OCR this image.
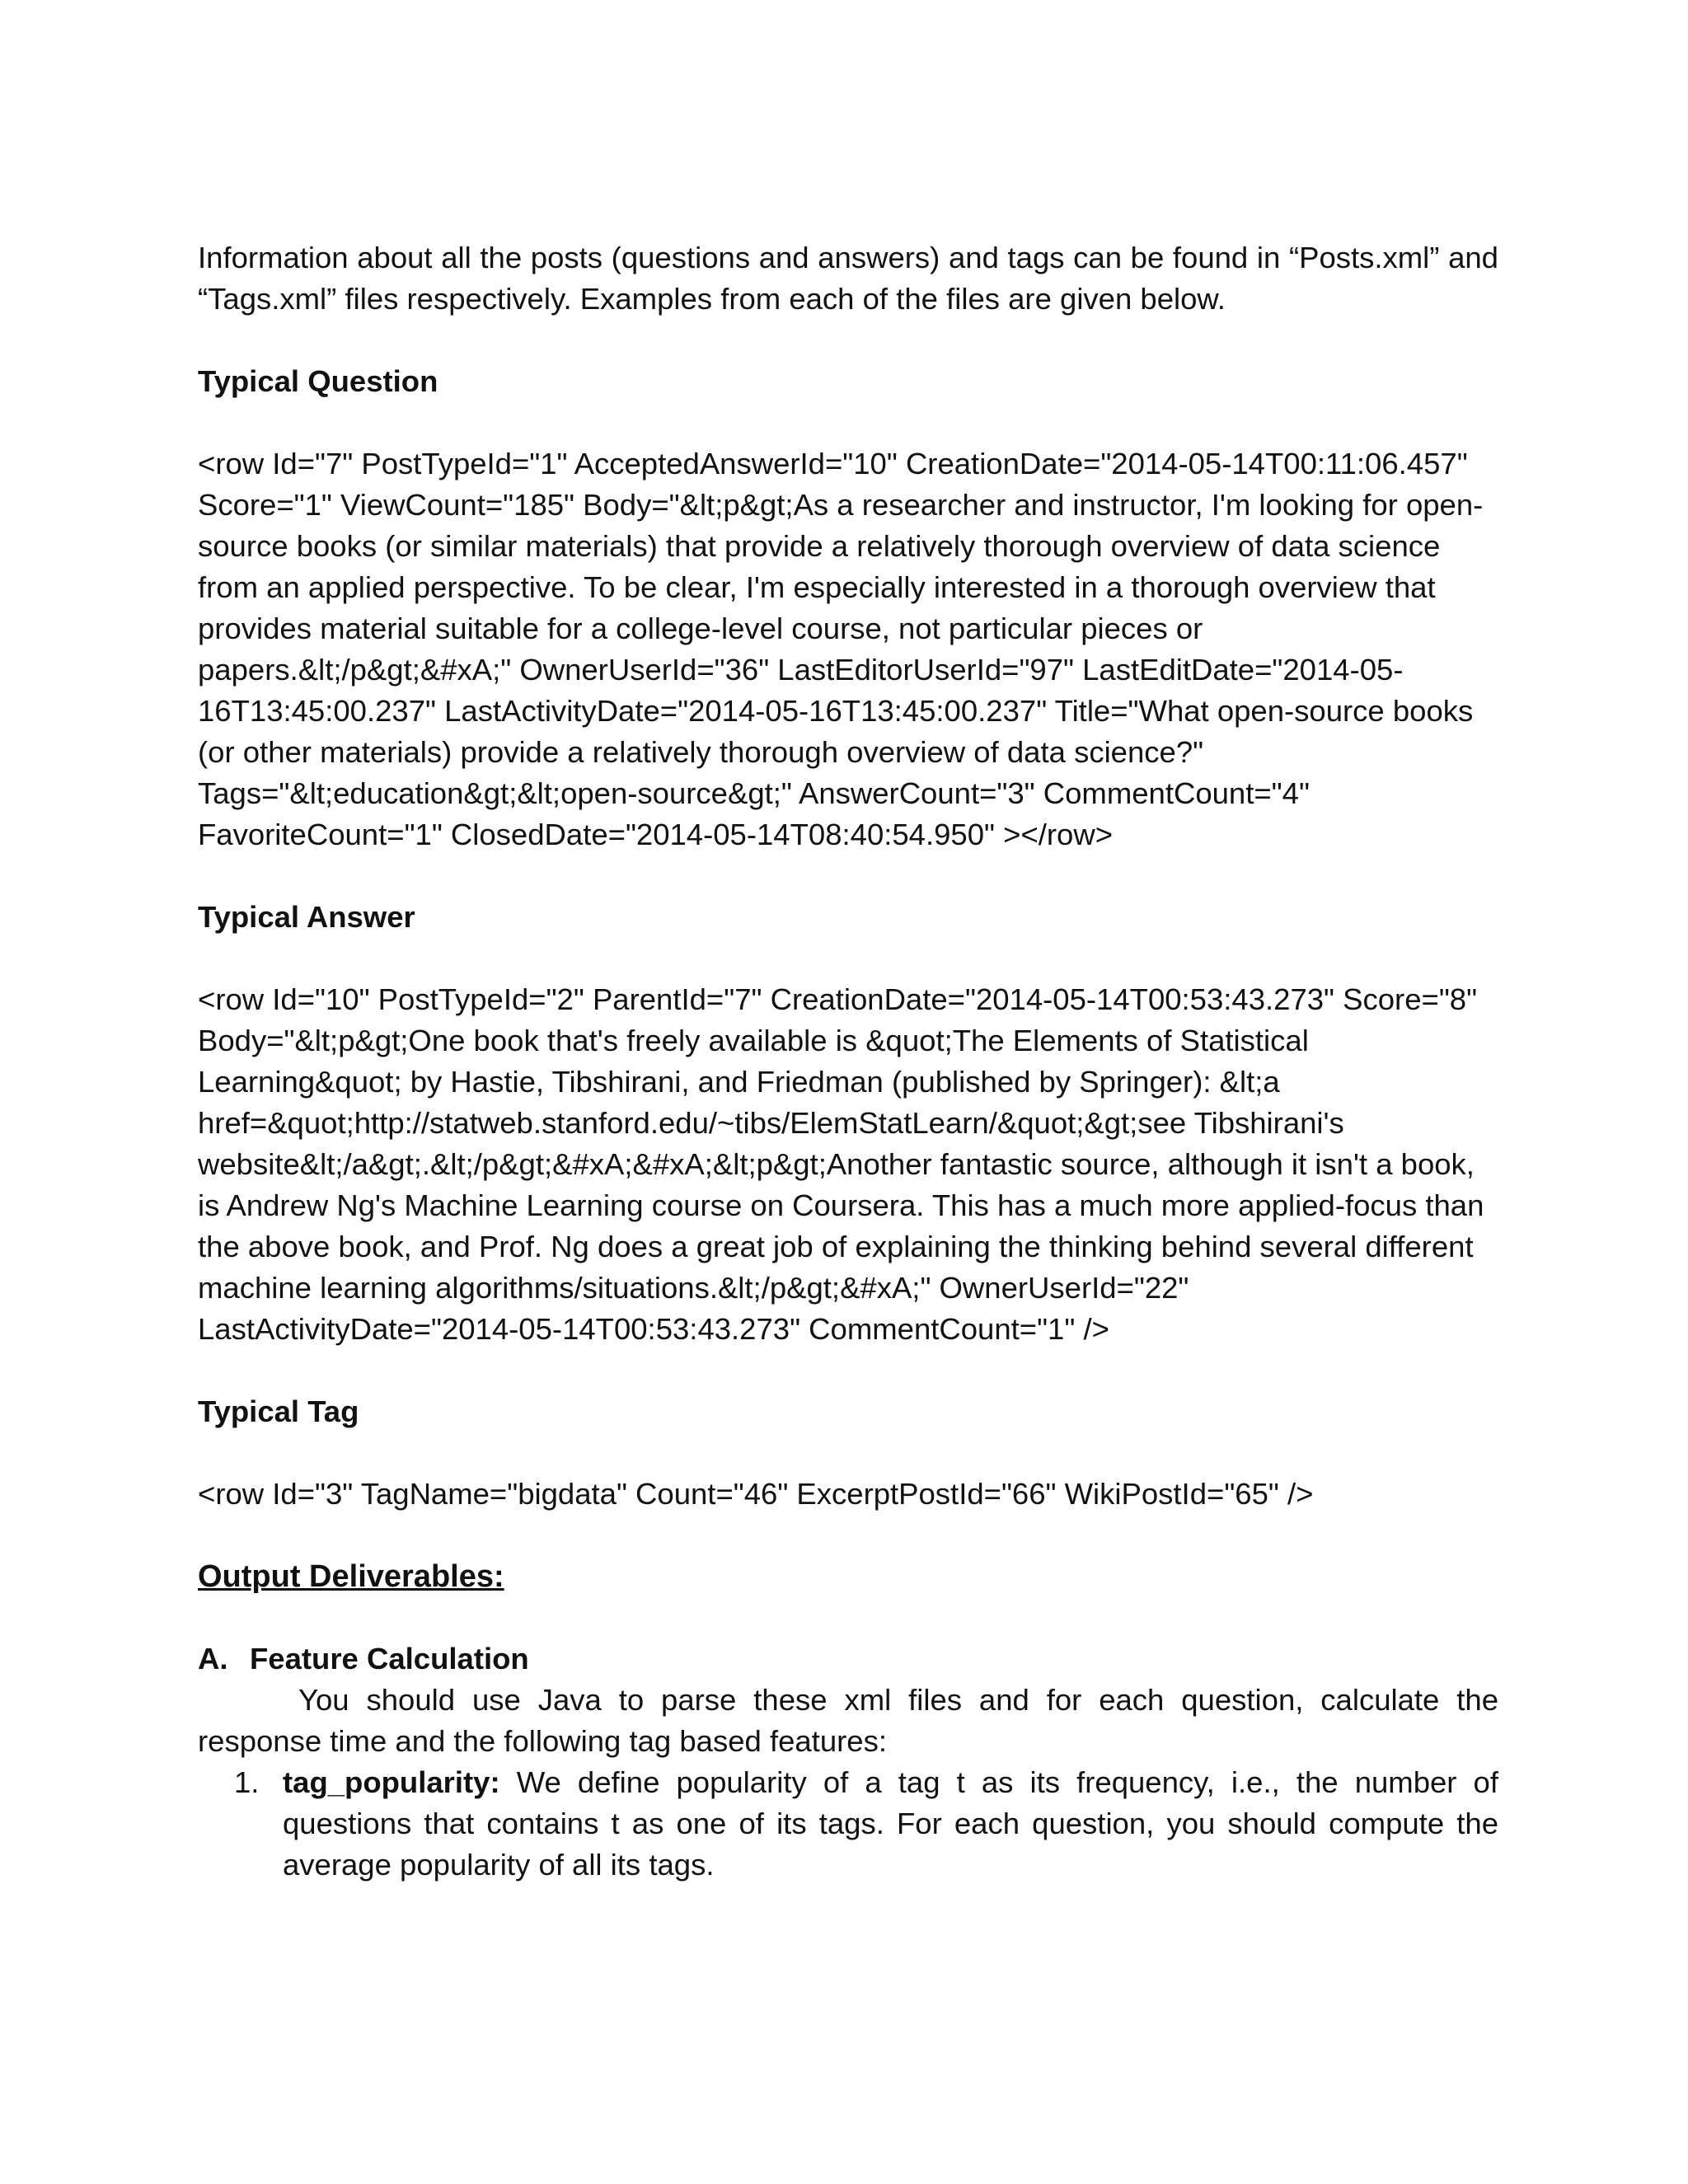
Information about all the posts (questions and answers) and tags can be found in “Posts.xml” and “Tags.xml” files respectively. Examples from each of the files are given below.

Typical Question

<row Id="7" PostTypeId="1" AcceptedAnswerId="10" CreationDate="2014-05-14T00:11:06.457" Score="1" ViewCount="185" Body="&lt;p&gt;As a researcher and instructor, I'm looking for open-source books (or similar materials) that provide a relatively thorough overview of data science from an applied perspective. To be clear, I'm especially interested in a thorough overview that provides material suitable for a college-level course, not particular pieces or papers.&lt;/p&gt;&#xA;" OwnerUserId="36" LastEditorUserId="97" LastEditDate="2014-05-16T13:45:00.237" LastActivityDate="2014-05-16T13:45:00.237" Title="What open-source books (or other materials) provide a relatively thorough overview of data science?" Tags="&lt;education&gt;&lt;open-source&gt;" AnswerCount="3" CommentCount="4" FavoriteCount="1" ClosedDate="2014-05-14T08:40:54.950" ></row>

Typical Answer

<row Id="10" PostTypeId="2" ParentId="7" CreationDate="2014-05-14T00:53:43.273" Score="8" Body="&lt;p&gt;One book that's freely available is &quot;The Elements of Statistical Learning&quot; by Hastie, Tibshirani, and Friedman (published by Springer): &lt;a href=&quot;http://statweb.stanford.edu/~tibs/ElemStatLearn/&quot;&gt;see Tibshirani's website&lt;/a&gt;.&lt;/p&gt;&#xA;&#xA;&lt;p&gt;Another fantastic source, although it isn't a book, is Andrew Ng's Machine Learning course on Coursera. This has a much more applied-focus than the above book, and Prof. Ng does a great job of explaining the thinking behind several different machine learning algorithms/situations.&lt;/p&gt;&#xA;" OwnerUserId="22" LastActivityDate="2014-05-14T00:53:43.273" CommentCount="1" />

Typical Tag

<row Id="3" TagName="bigdata" Count="46" ExcerptPostId="66" WikiPostId="65" />

Output Deliverables:

A. Feature Calculation

You should use Java to parse these xml files and for each question, calculate the response time and the following tag based features:

1. tag_popularity: We define popularity of a tag t as its frequency, i.e., the number of questions that contains t as one of its tags. For each question, you should compute the average popularity of all its tags.
